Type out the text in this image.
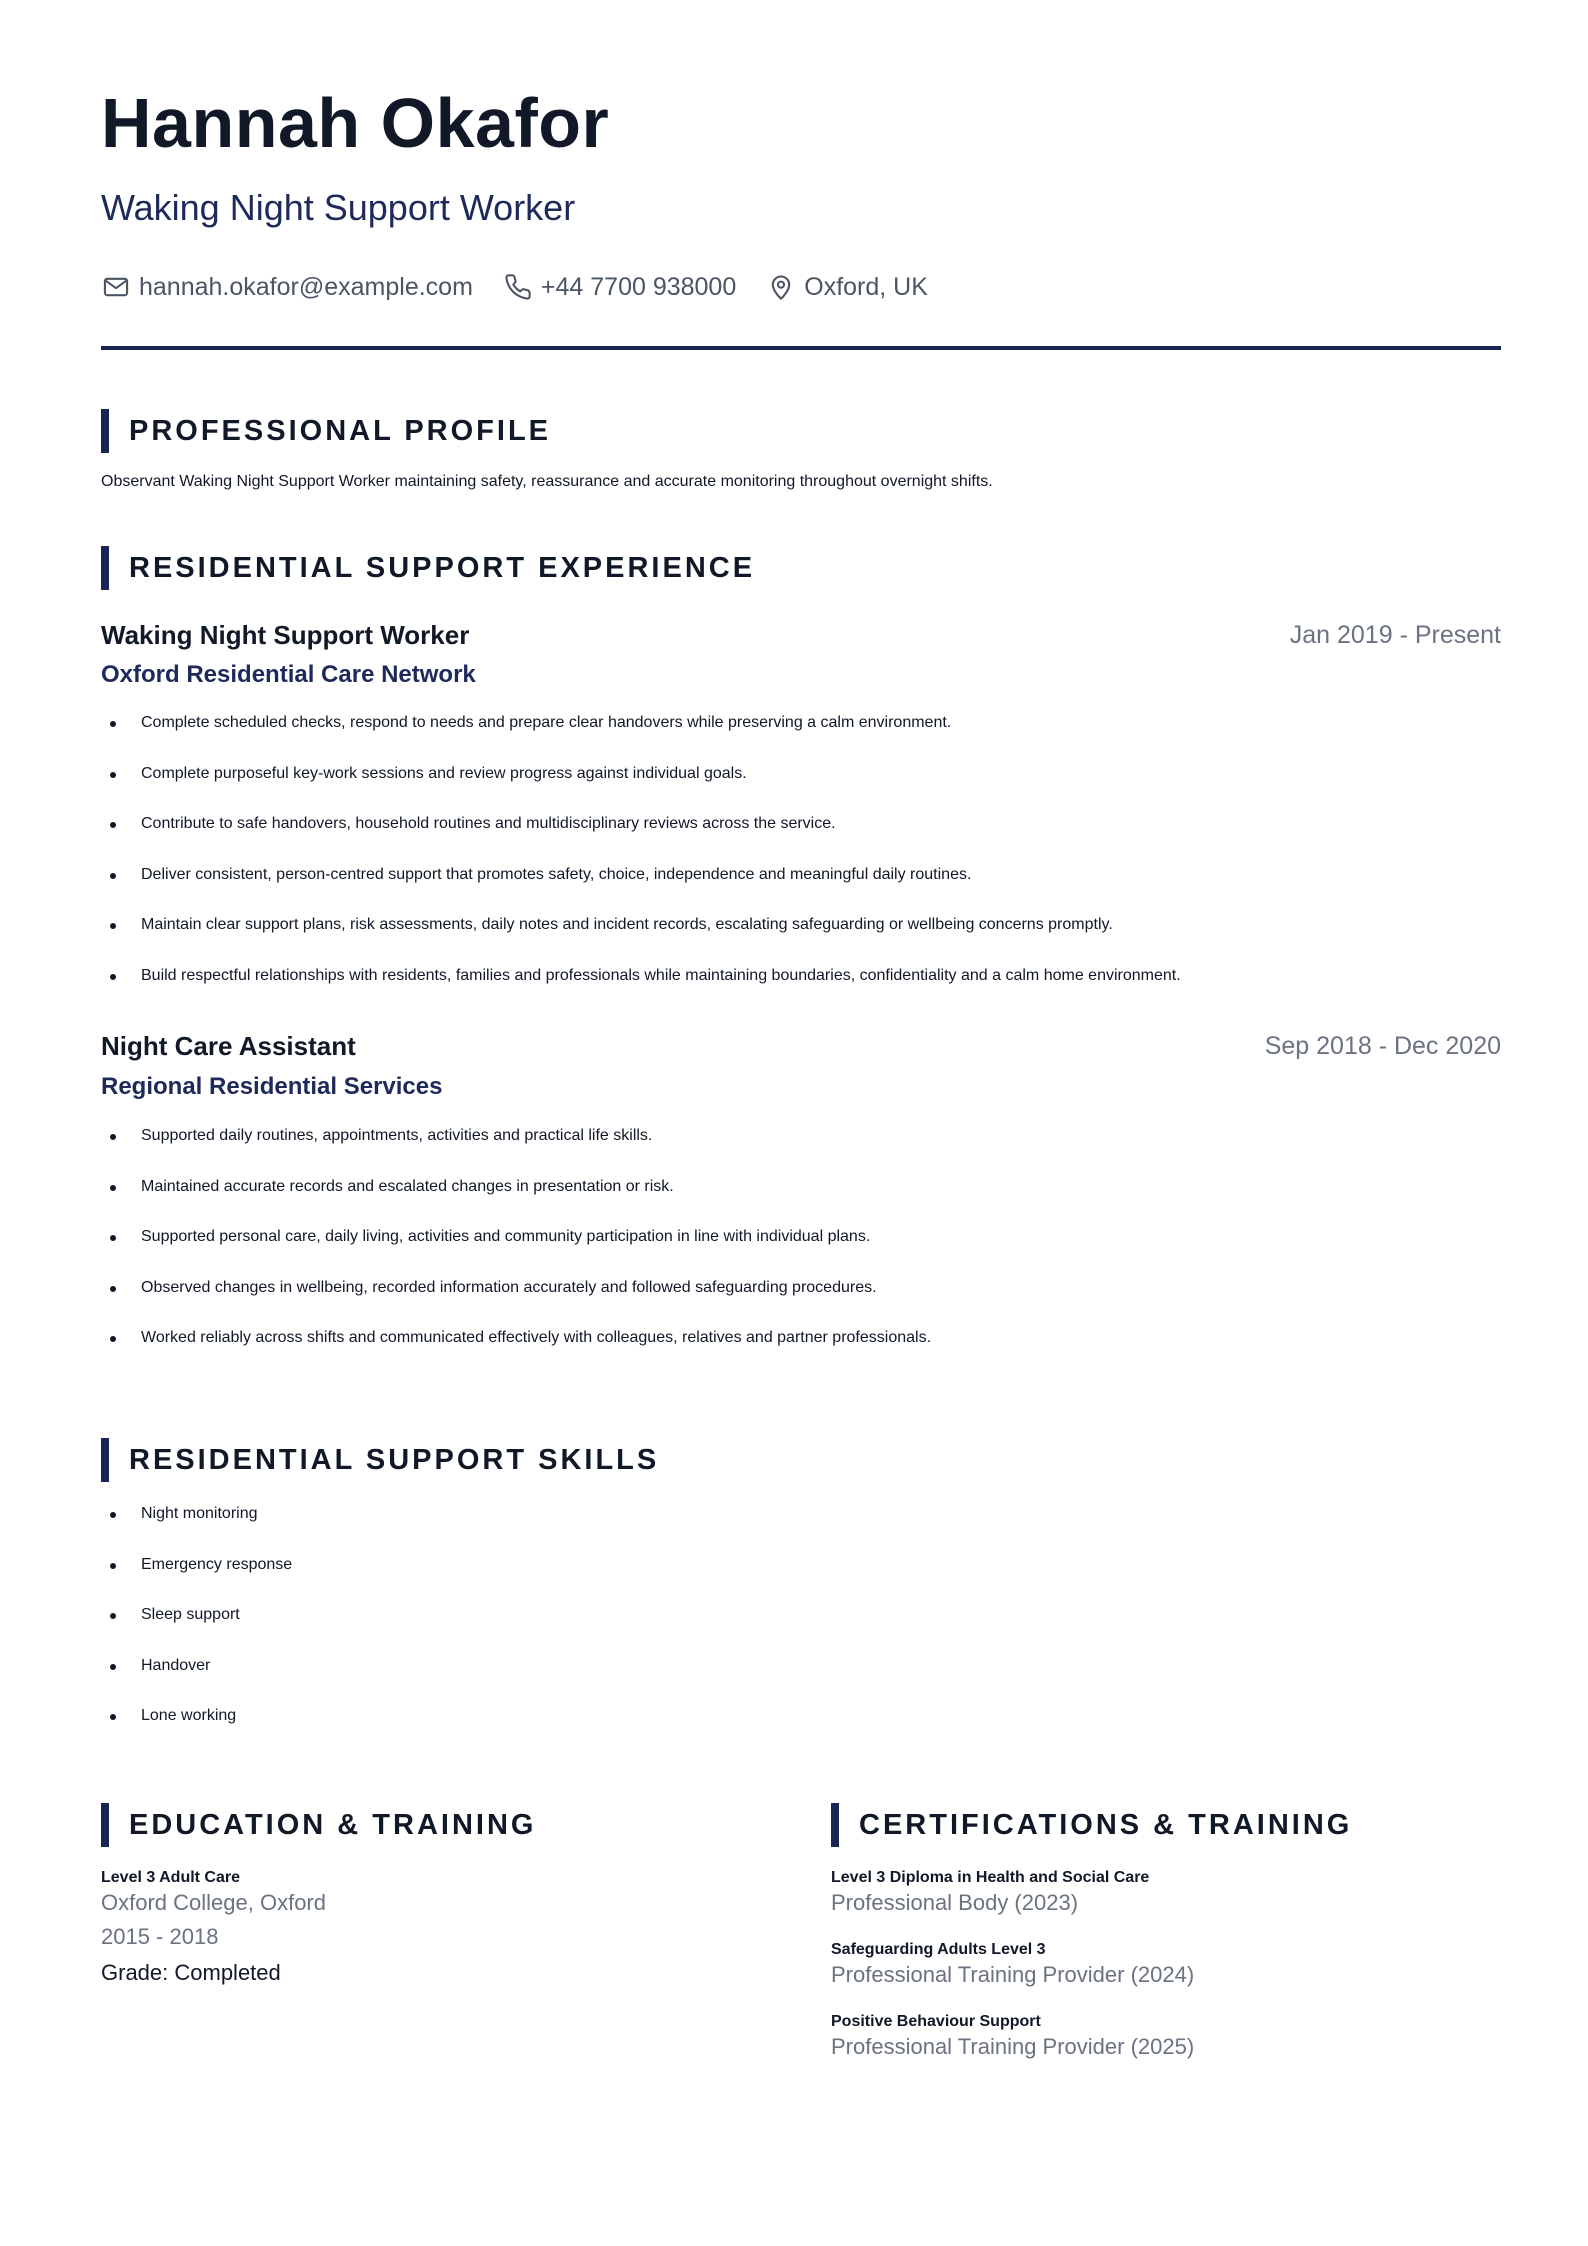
Hannah Okafor
Waking Night Support Worker
hannah.okafor@example.com	+44 7700 938000	Oxford, UK
PROFESSIONAL PROFILE
Observant Waking Night Support Worker maintaining safety, reassurance and accurate monitoring throughout overnight shifts.
RESIDENTIAL SUPPORT EXPERIENCE
Waking Night Support Worker	Jan 2019 - Present
Oxford Residential Care Network
Complete scheduled checks, respond to needs and prepare clear handovers while preserving a calm environment.
Complete purposeful key-work sessions and review progress against individual goals.
Contribute to safe handovers, household routines and multidisciplinary reviews across the service.
Deliver consistent, person-centred support that promotes safety, choice, independence and meaningful daily routines.
Maintain clear support plans, risk assessments, daily notes and incident records, escalating safeguarding or wellbeing concerns promptly.
Build respectful relationships with residents, families and professionals while maintaining boundaries, confidentiality and a calm home environment.
Night Care Assistant	Sep 2018 - Dec 2020
Regional Residential Services
Supported daily routines, appointments, activities and practical life skills.
Maintained accurate records and escalated changes in presentation or risk.
Supported personal care, daily living, activities and community participation in line with individual plans.
Observed changes in wellbeing, recorded information accurately and followed safeguarding procedures.
Worked reliably across shifts and communicated effectively with colleagues, relatives and partner professionals.
RESIDENTIAL SUPPORT SKILLS
Night monitoring
Emergency response
Sleep support
Handover
Lone working
EDUCATION & TRAINING	CERTIFICATIONS & TRAINING
Level 3 Adult Care
Oxford College, Oxford
2015 - 2018
Grade: Completed
Level 3 Diploma in Health and Social Care
Professional Body (2023)
Safeguarding Adults Level 3
Professional Training Provider (2024)
Positive Behaviour Support
Professional Training Provider (2025)
